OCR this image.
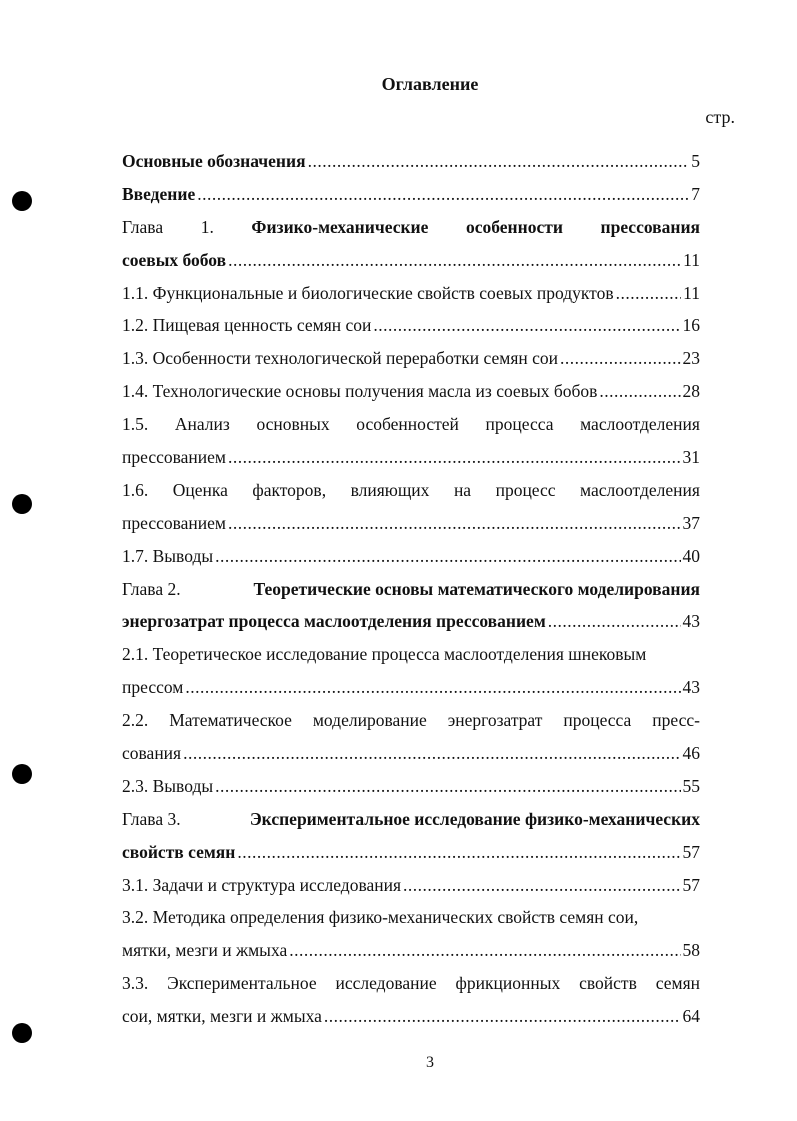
Оглавление
стр.
Основные обозначения .....	5
Введение .....	7
Глава 1. Физико-механические особенности прессования
соевых бобов .....	11
1.1. Функциональные и биологические свойств соевых продуктов .....	11
1.2. Пищевая ценность семян сои .....	16
1.3. Особенности технологической переработки семян сои .....	23
1.4. Технологические основы получения масла из соевых бобов .....	28
1.5. Анализ основных особенностей процесса маслоотделения
прессованием .....	31
1.6. Оценка факторов, влияющих на процесс маслоотделения
прессованием .....	37
1.7. Выводы .....	40
Глава 2.	Теоретические основы математического моделирования
энергозатрат процесса маслоотделения прессованием .....	43
2.1. Теоретическое исследование процесса маслоотделения шнековым
прессом .....	43
2.2. Математическое моделирование энергозатрат процесса пресс-
сования .....	46
2.3. Выводы .....	55
Глава 3.	Экспериментальное исследование физико-механических
свойств семян .....	57
3.1. Задачи и структура исследования .....	57
3.2. Методика определения физико-механических свойств семян сои,
мятки, мезги и жмыха .....	58
3.3. Экспериментальное исследование фрикционных свойств семян
сои, мятки, мезги и жмыха .....	64
3
